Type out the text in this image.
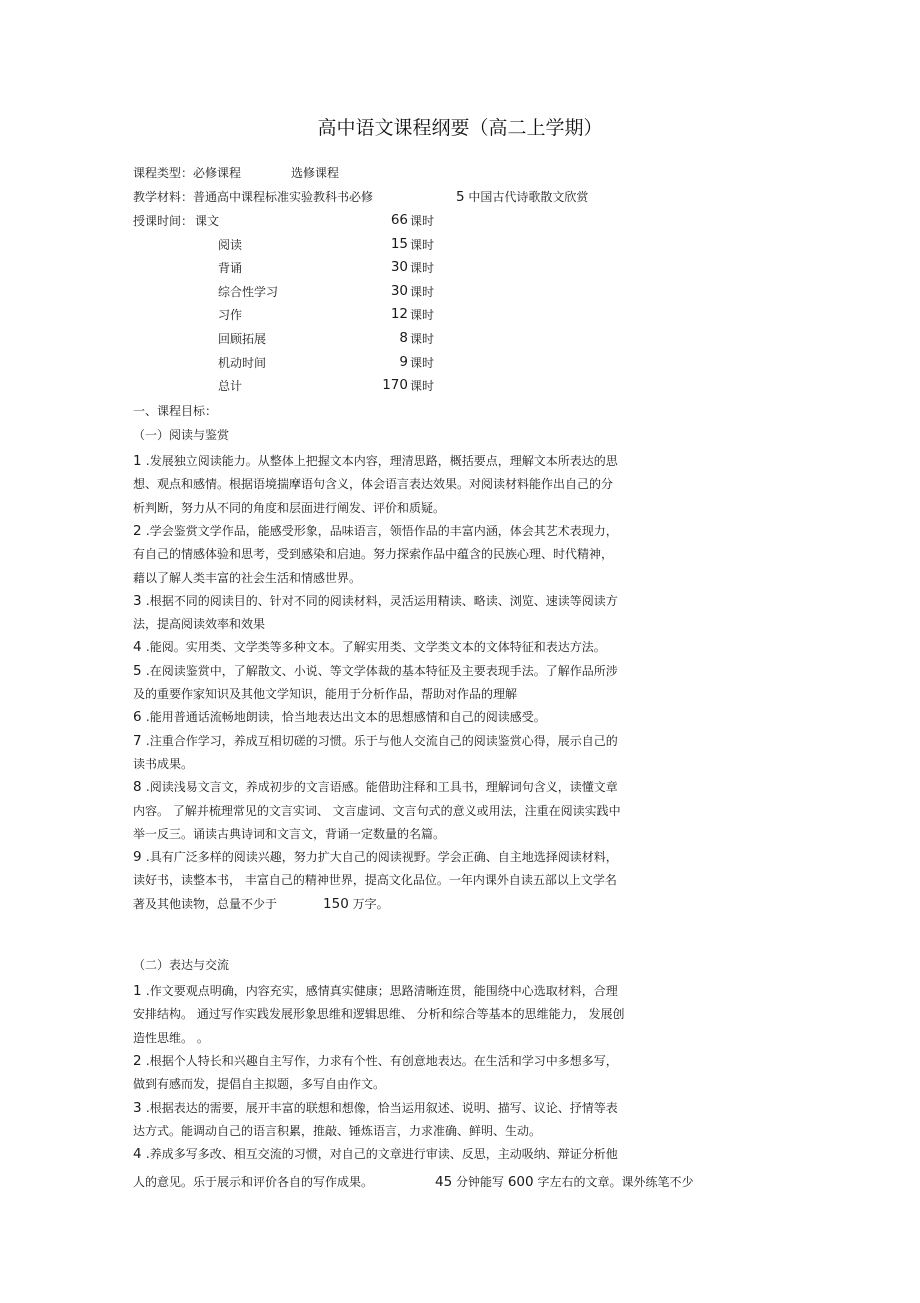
高中语文课程纲要（高二上学期）
课程类型：必修课程	选修课程
教学材料：普通高中课程标准实验教科书必修	5 中国古代诗歌散文欣赏
授课时间： 课文	66 课时
阅读	15 课时
背诵	30 课时
综合性学习	30 课时
习作	12 课时
回顾拓展	8 课时
机动时间	9 课时
总计	170 课时
一、课程目标：
（一）阅读与鉴赏
1 .发展独立阅读能力。从整体上把握文本内容，理清思路，概括要点，理解文本所表达的思
想、观点和感情。根据语境揣摩语句含义，体会语言表达效果。对阅读材料能作出自己的分
析判断，努力从不同的角度和层面进行阐发、评价和质疑。
2 .学会鉴赏文学作品，能感受形象，品味语言，领悟作品的丰富内涵，体会其艺术表现力，
有自己的情感体验和思考，受到感染和启迪。努力探索作品中蕴含的民族心理、时代精神，
藉以了解人类丰富的社会生活和情感世界。
3 .根据不同的阅读目的、针对不同的阅读材料，灵活运用精读、略读、浏览、速读等阅读方
法，提高阅读效率和效果
4 .能阅。实用类、文学类等多种文本。了解实用类、文学类文本的文体特征和表达方法。
5 .在阅读鉴赏中，了解散文、小说、等文学体裁的基本特征及主要表现手法。了解作品所涉
及的重要作家知识及其他文学知识，能用于分析作品，帮助对作品的理解
6 .能用普通话流畅地朗读，恰当地表达出文本的思想感情和自己的阅读感受。
7 .注重合作学习，养成互相切磋的习惯。乐于与他人交流自己的阅读鉴赏心得，展示自己的
读书成果。
8 .阅读浅易文言文，养成初步的文言语感。能借助注释和工具书，理解词句含义，读懂文章
内容。 了解并梳理常见的文言实词、 文言虚词、文言句式的意义或用法，注重在阅读实践中
举一反三。诵读古典诗词和文言文，背诵一定数量的名篇。
9 .具有广泛多样的阅读兴趣，努力扩大自己的阅读视野。学会正确、自主地选择阅读材料，
读好书，读整本书， 丰富自己的精神世界，提高文化品位。一年内课外自读五部以上文学名
著及其他读物，总量不少于	150 万字。
（二）表达与交流
1 .作文要观点明确，内容充实，感情真实健康；思路清晰连贯，能围绕中心选取材料，合理
安排结构。 通过写作实践发展形象思维和逻辑思维、 分析和综合等基本的思维能力， 发展创
造性思维。 。
2 .根据个人特长和兴趣自主写作，力求有个性、有创意地表达。在生活和学习中多想多写，
做到有感而发，提倡自主拟题，多写自由作文。
3 .根据表达的需要，展开丰富的联想和想像，恰当运用叙述、说明、描写、议论、抒情等表
达方式。能调动自己的语言积累，推敲、锤炼语言，力求准确、鲜明、生动。
4 .养成多写多改、相互交流的习惯，对自己的文章进行审读、反思，主动吸纳、辩证分析他
人的意见。乐于展示和评价各自的写作成果。	45 分钟能写 600 字左右的文章。课外练笔不少
